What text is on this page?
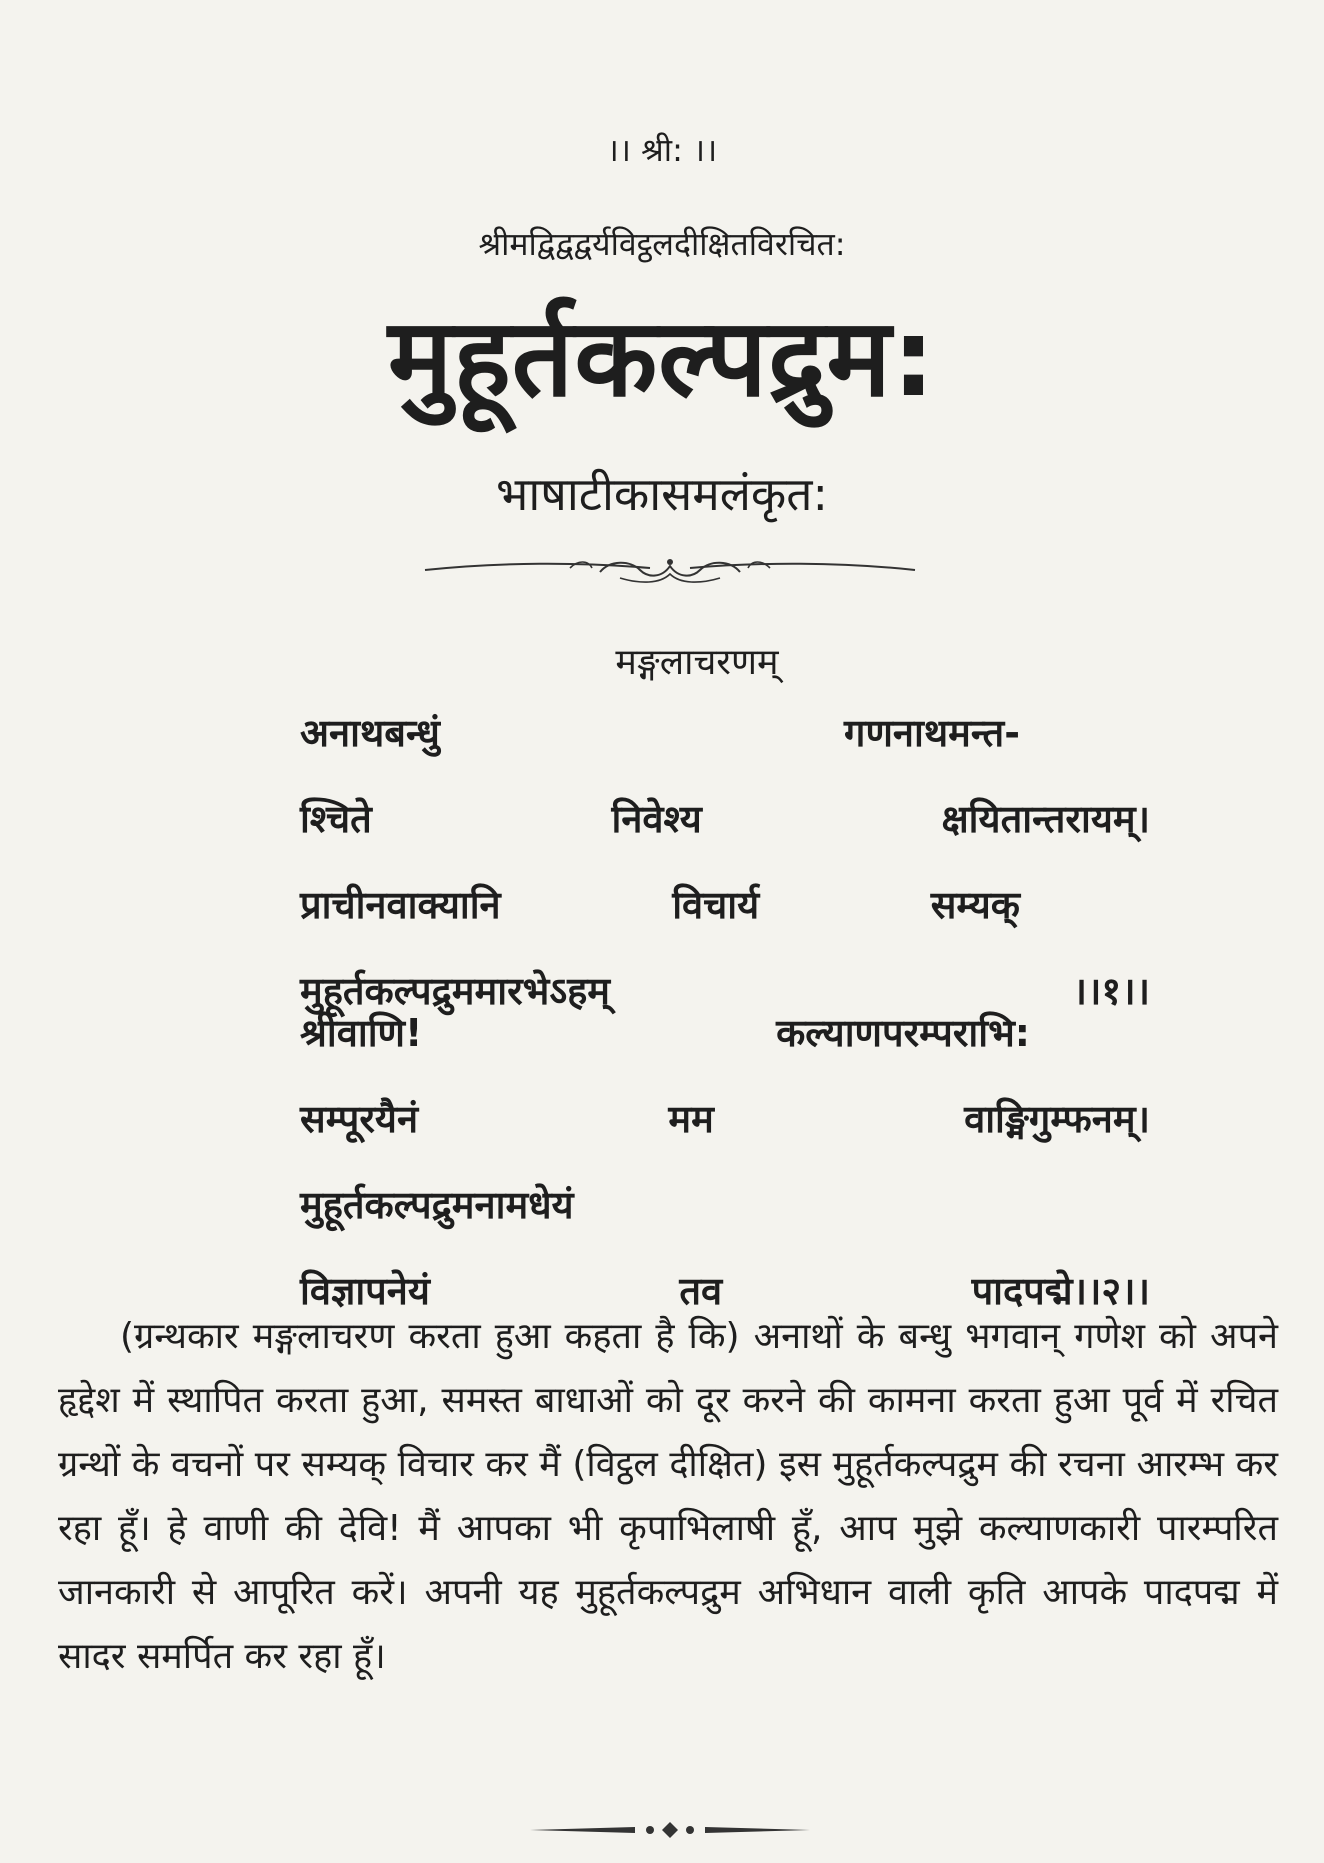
।। श्री: ।।
श्रीमद्विद्वद्वर्यविट्ठलदीक्षितविरचित:
मुहूर्तकल्पद्रुम:
भाषाटीकासमलंकृत:
मङ्गलाचरणम्
अनाथबन्धुं	गणनाथमन्त-
श्चिते	निवेश्य	क्षयितान्तरायम्।
प्राचीनवाक्यानि	विचार्य	सम्यक्
मुहूर्तकल्पद्रुममारभेऽहम्	।।१।।
श्रीवाणि!	कल्याणपरम्पराभि:
सम्पूरयैनं	मम	वाङ्मिगुम्फनम्।
मुहूर्तकल्पद्रुमनामधेयं
विज्ञापनेयं	तव	पादपद्मे।।२।।

(ग्रन्थकार मङ्गलाचरण करता हुआ कहता है कि) अनाथों के बन्धु भगवान् गणेश को अपने हृद्देश में स्थापित करता हुआ, समस्त बाधाओं को दूर करने की कामना करता हुआ पूर्व में रचित ग्रन्थों के वचनों पर सम्यक् विचार कर मैं (विट्ठल दीक्षित) इस मुहूर्तकल्पद्रुम की रचना आरम्भ कर रहा हूँ। हे वाणी की देवि! मैं आपका भी कृपाभिलाषी हूँ, आप मुझे कल्याणकारी पारम्परित जानकारी से आपूरित करें। अपनी यह मुहूर्तकल्पद्रुम अभिधान वाली कृति आपके पादपद्म में सादर समर्पित कर रहा हूँ।
